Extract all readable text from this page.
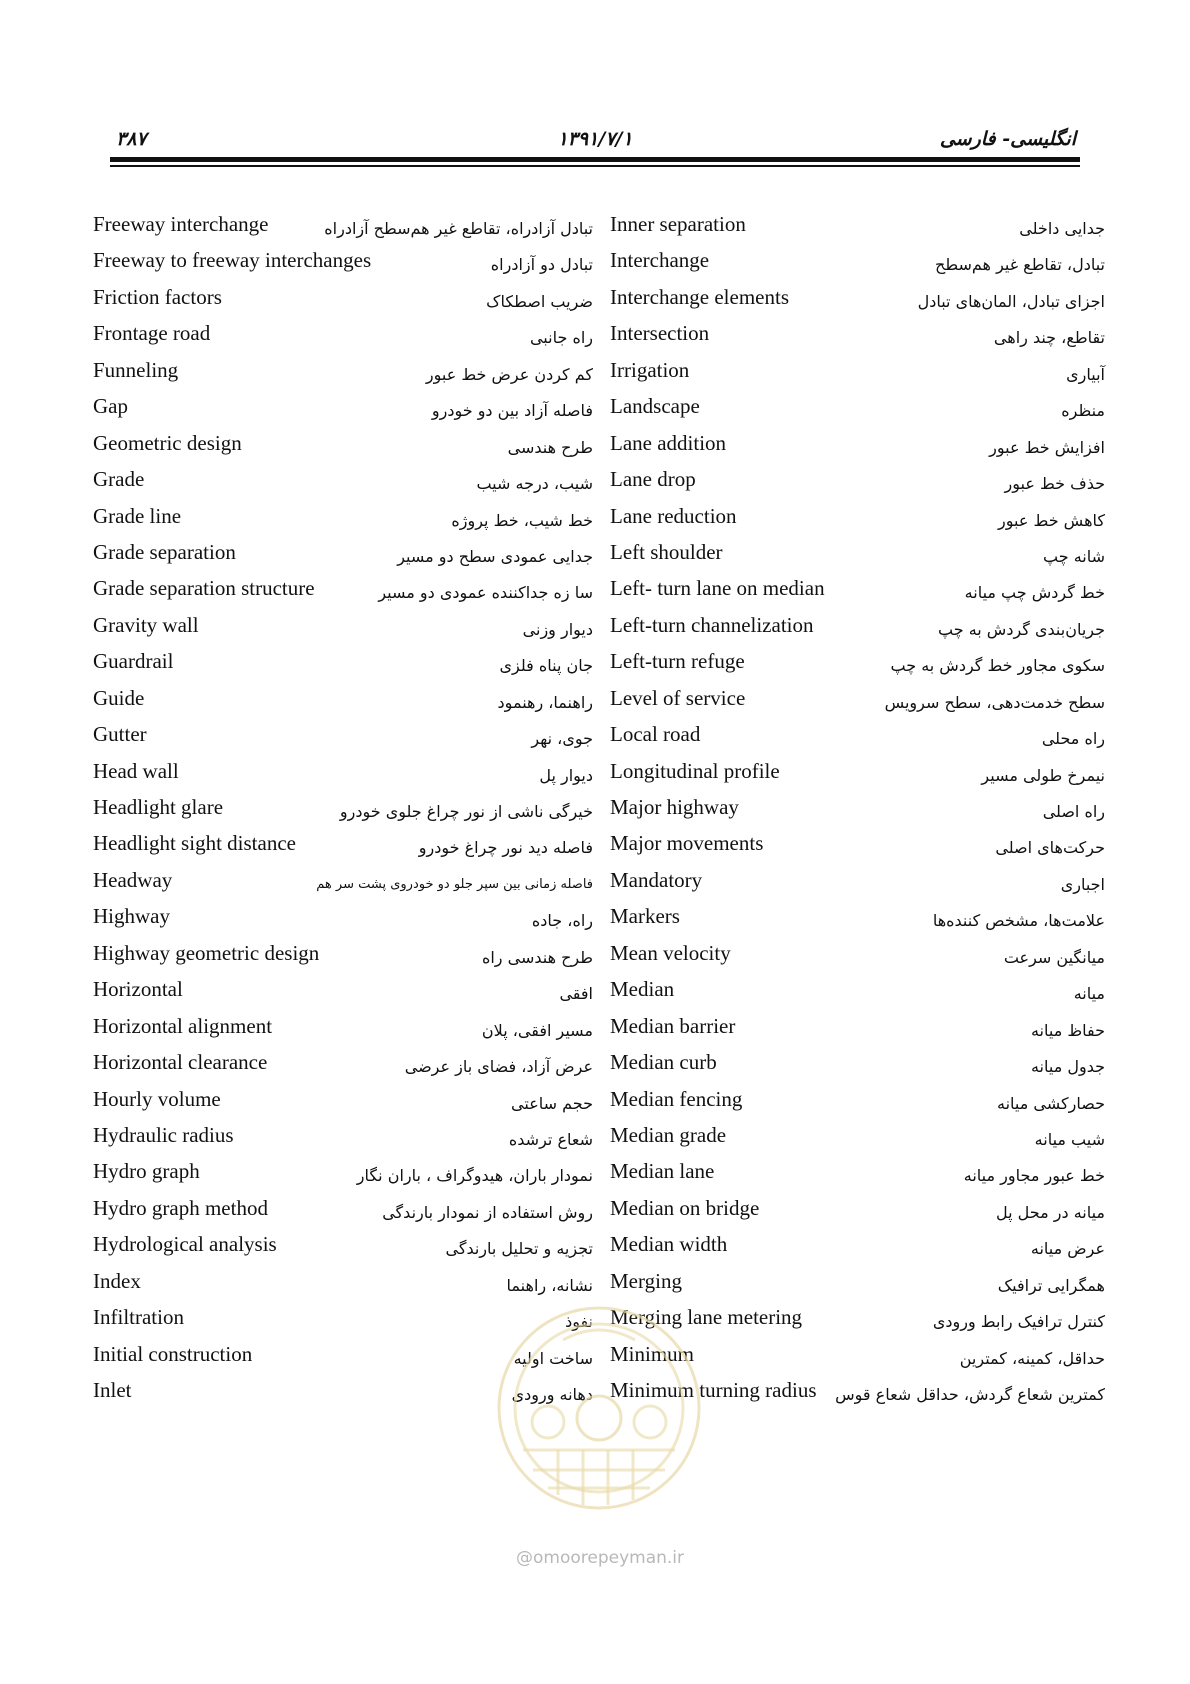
۳۸۷	۱۳۹۱/۷/۱	انگلیسی- فارسی
Freeway interchange	تبادل آزادراه، تقاطع غیر هم‌سطح آزادراه
Freeway to freeway interchanges	تبادل دو آزادراه
Friction factors	ضریب اصطکاک
Frontage road	راه جانبی
Funneling	کم کردن عرض خط عبور
Gap	فاصله آزاد بین دو خودرو
Geometric design	طرح هندسی
Grade	شیب، درجه شیب
Grade line	خط شیب، خط پروژه
Grade separation	جدایی عمودی سطح دو مسیر
Grade separation structure	سا زه جداکننده عمودی دو مسیر
Gravity wall	دیوار وزنی
Guardrail	جان پناه فلزی
Guide	راهنما، رهنمود
Gutter	جوی، نهر
Head wall	دیوار پل
Headlight glare	خیرگی ناشی از نور چراغ جلوی خودرو
Headlight sight distance	فاصله دید نور چراغ خودرو
Headway	فاصله زمانی بین سپر جلو دو خودروی پشت سر هم
Highway	راه، جاده
Highway geometric design	طرح هندسی راه
Horizontal	افقی
Horizontal alignment	مسیر افقی، پلان
Horizontal clearance	عرض آزاد، فضای باز عرضی
Hourly volume	حجم ساعتی
Hydraulic radius	شعاع ترشده
Hydro graph	نمودار باران، هیدوگراف ، باران نگار
Hydro graph method	روش استفاده از نمودار بارندگی
Hydrological analysis	تجزیه و تحلیل بارندگی
Index	نشانه، راهنما
Infiltration	نفوذ
Initial construction	ساخت اولیه
Inlet	دهانه ورودی
Inner separation	جدایی داخلی
Interchange	تبادل، تقاطع غیر هم‌سطح
Interchange elements	اجزای تبادل، المان‌های تبادل
Intersection	تقاطع، چند راهی
Irrigation	آبیاری
Landscape	منظره
Lane addition	افزایش خط عبور
Lane drop	حذف خط عبور
Lane reduction	کاهش خط عبور
Left shoulder	شانه چپ
Left- turn lane on median	خط گردش چپ میانه
Left-turn channelization	جریان‌بندی گردش به چپ
Left-turn refuge	سکوی مجاور خط گردش به چپ
Level of service	سطح خدمت‌دهی، سطح سرویس
Local road	راه محلی
Longitudinal profile	نیمرخ طولی مسیر
Major highway	راه اصلی
Major movements	حرکت‌های اصلی
Mandatory	اجباری
Markers	علامت‌ها، مشخص کننده‌ها
Mean velocity	میانگین سرعت
Median	میانه
Median barrier	حفاظ میانه
Median curb	جدول میانه
Median fencing	حصارکشی میانه
Median grade	شیب میانه
Median lane	خط عبور مجاور میانه
Median on bridge	میانه در محل پل
Median width	عرض میانه
Merging	همگرایی ترافیک
Merging lane metering	کنترل ترافیک رابط ورودی
Minimum	حداقل، کمینه، کمترین
Minimum turning radius کمترین شعاع گردش، حداقل شعاع قوس
@omoorepeyman.ir
